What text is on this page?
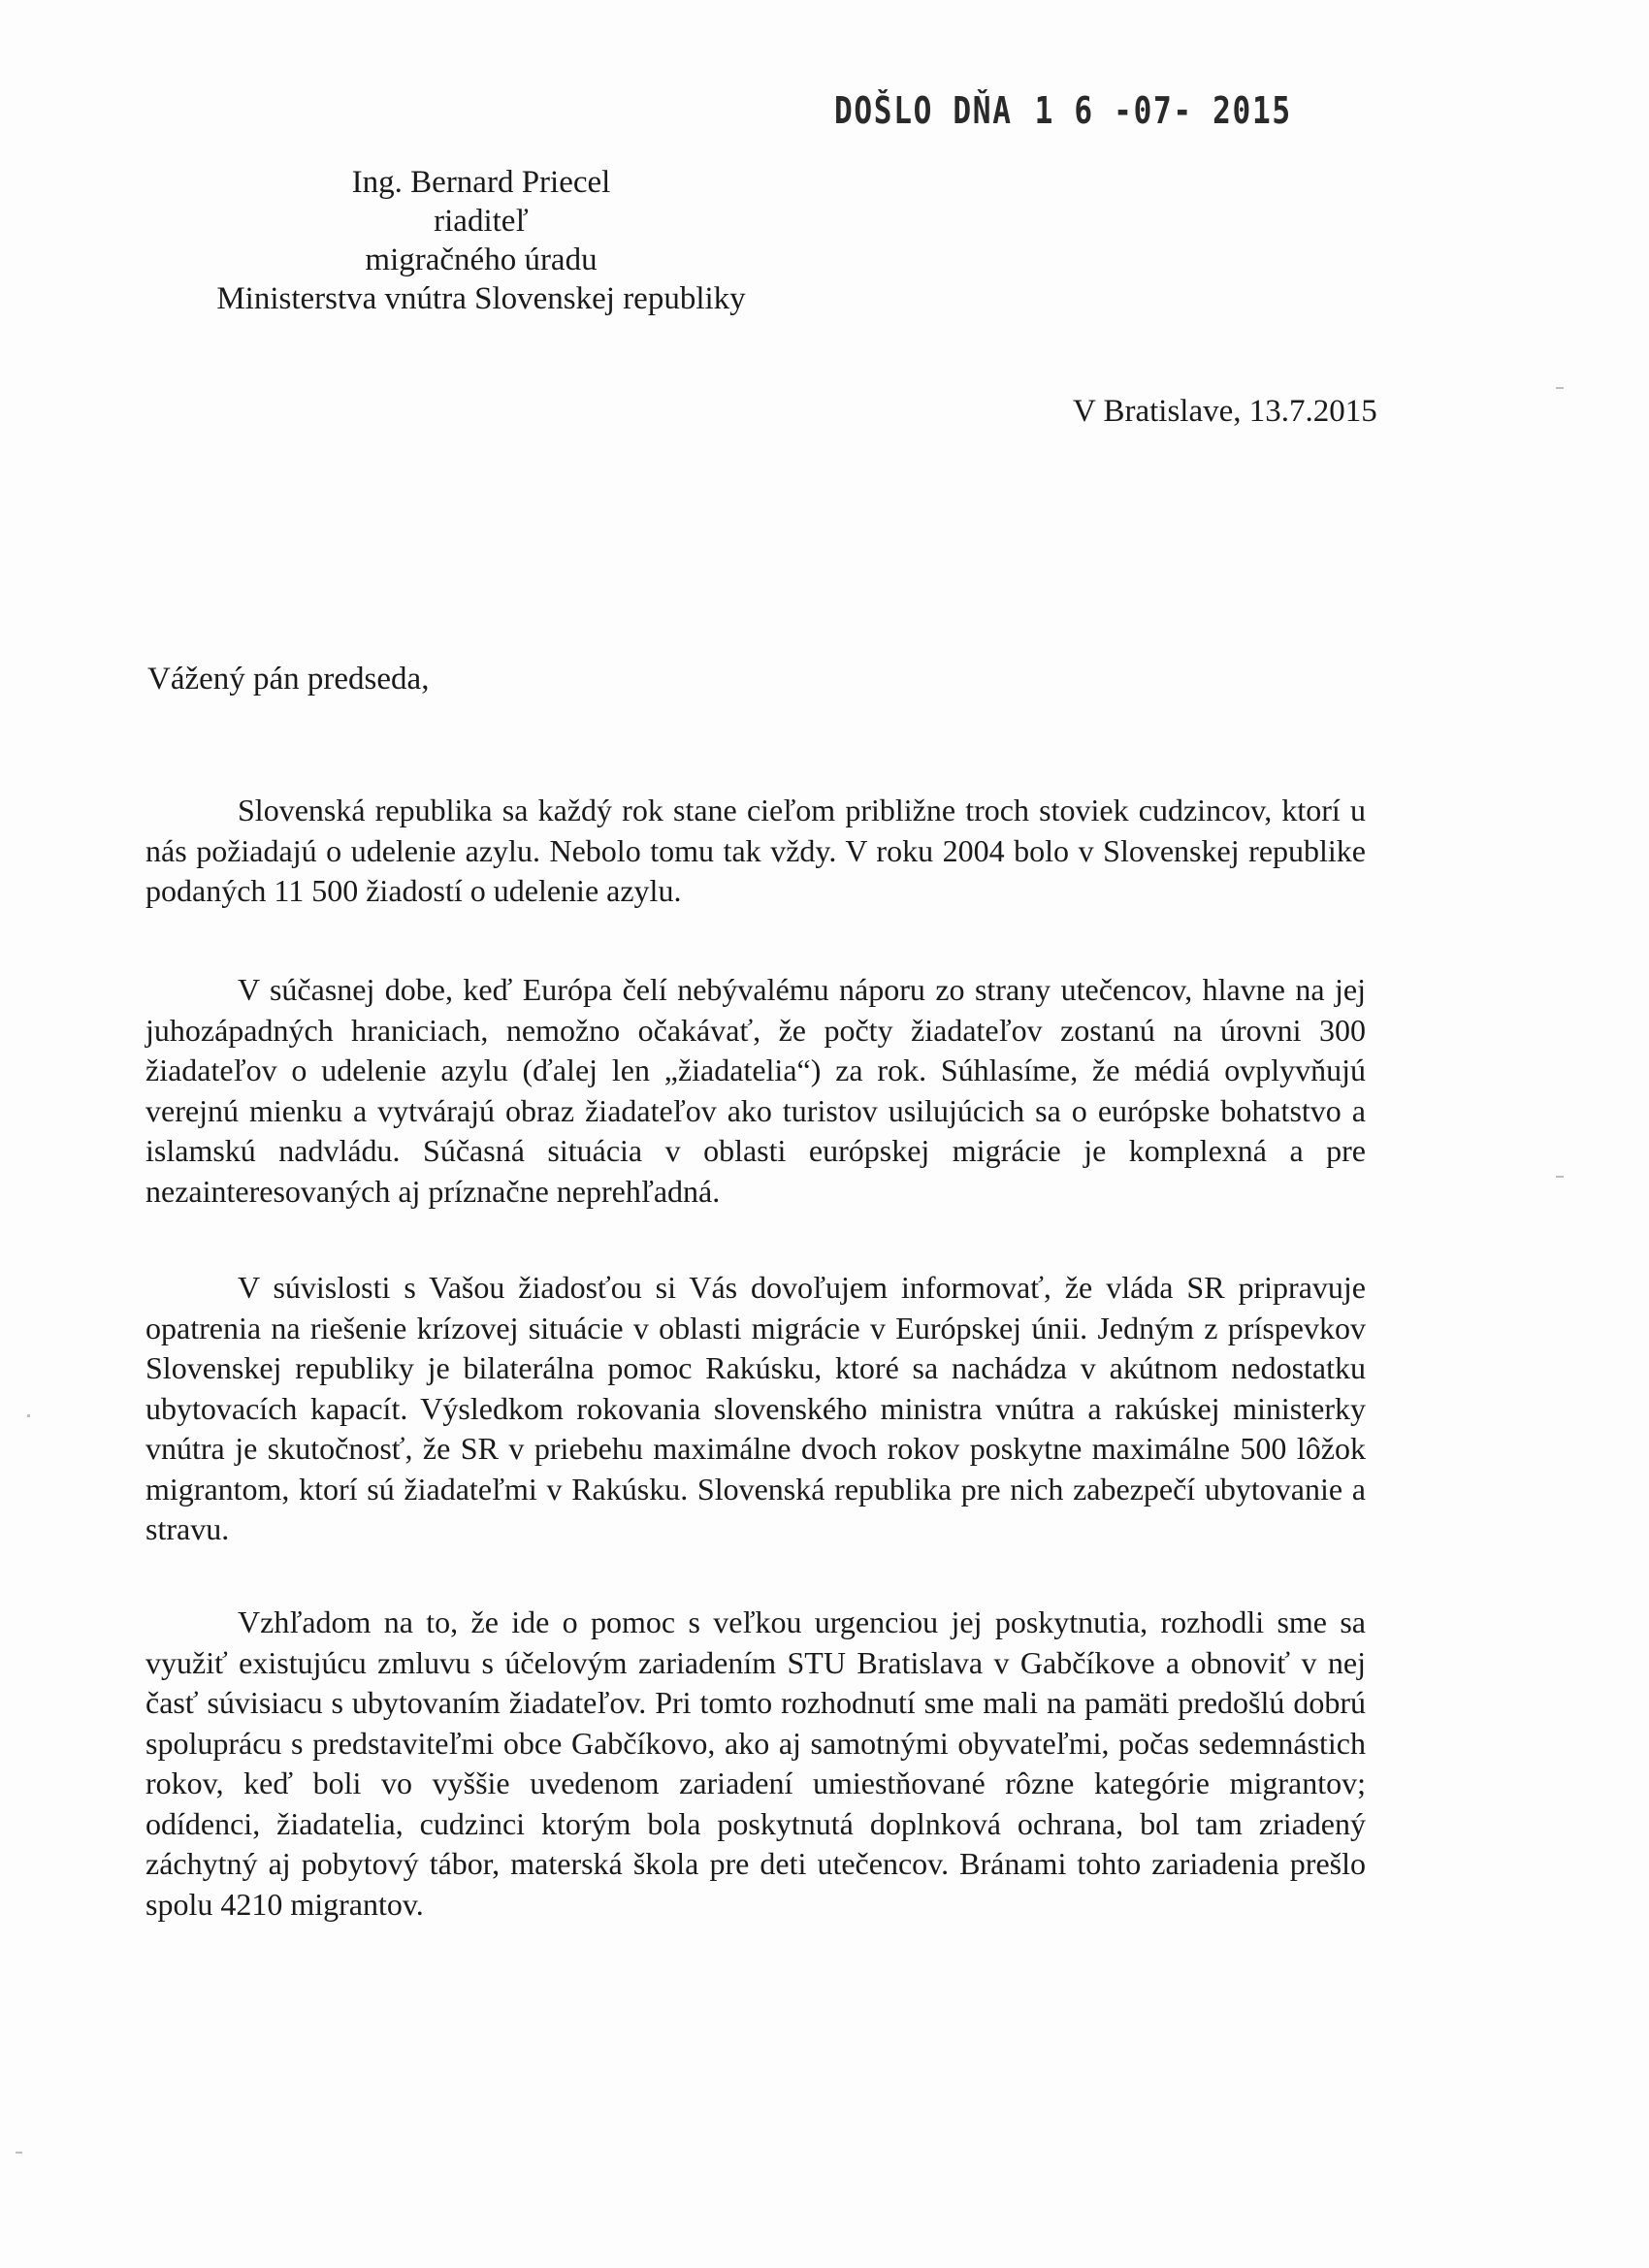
DOŠLO DŇA 1 6 -07- 2015
Ing. Bernard Priecel
riaditeľ
migračného úradu
Ministerstva vnútra Slovenskej republiky
V Bratislave, 13.7.2015
Vážený pán predseda,

Slovenská republika sa každý rok stane cieľom približne troch stoviek cudzincov, ktorí u nás požiadajú o udelenie azylu. Nebolo tomu tak vždy. V roku 2004 bolo v Slovenskej republike podaných 11 500 žiadostí o udelenie azylu.

V súčasnej dobe, keď Európa čelí nebývalému náporu zo strany utečencov, hlavne na jej juhozápadných hraniciach, nemožno očakávať, že počty žiadateľov zostanú na úrovni 300 žiadateľov o udelenie azylu (ďalej len „žiadatelia“) za rok. Súhlasíme, že médiá ovplyvňujú verejnú mienku a vytvárajú obraz žiadateľov ako turistov usilujúcich sa o európske bohatstvo a islamskú nadvládu. Súčasná situácia v oblasti európskej migrácie je komplexná a pre nezainteresovaných aj príznačne neprehľadná.

V súvislosti s Vašou žiadosťou si Vás dovoľujem informovať, že vláda SR pripravuje opatrenia na riešenie krízovej situácie v oblasti migrácie v Európskej únii. Jedným z príspevkov Slovenskej republiky je bilaterálna pomoc Rakúsku, ktoré sa nachádza v akútnom nedostatku ubytovacích kapacít. Výsledkom rokovania slovenského ministra vnútra a rakúskej ministerky vnútra je skutočnosť, že SR v priebehu maximálne dvoch rokov poskytne maximálne 500 lôžok migrantom, ktorí sú žiadateľmi v Rakúsku. Slovenská republika pre nich zabezpečí ubytovanie a stravu.

Vzhľadom na to, že ide o pomoc s veľkou urgenciou jej poskytnutia, rozhodli sme sa využiť existujúcu zmluvu s účelovým zariadením STU Bratislava v Gabčíkove a obnoviť v nej časť súvisiacu s ubytovaním žiadateľov. Pri tomto rozhodnutí sme mali na pamäti predošlú dobrú spoluprácu s predstaviteľmi obce Gabčíkovo, ako aj samotnými obyvateľmi, počas sedemnástich rokov, keď boli vo vyššie uvedenom zariadení umiestňované rôzne kategórie migrantov; odídenci, žiadatelia, cudzinci ktorým bola poskytnutá doplnková ochrana, bol tam zriadený záchytný aj pobytový tábor, materská škola pre deti utečencov. Bránami tohto zariadenia prešlo spolu 4210 migrantov.
